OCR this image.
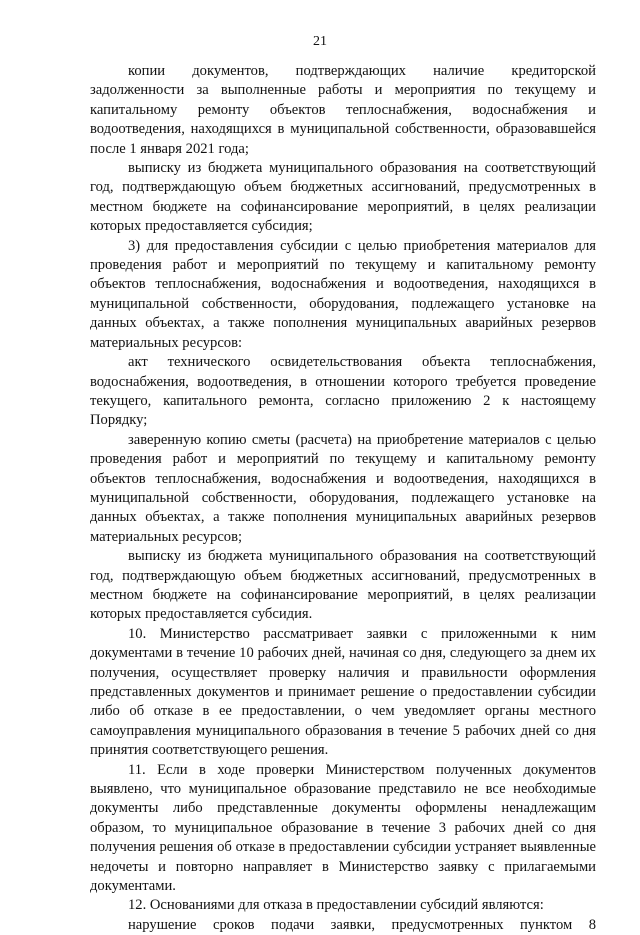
21

копии документов, подтверждающих наличие кредиторской задолженности за выполненные работы и мероприятия по текущему и капитальному ремонту объектов теплоснабжения, водоснабжения и водоотведения, находящихся в муниципальной собственности, образовавшейся после 1 января 2021 года;

выписку из бюджета муниципального образования на соответствующий год, подтверждающую объем бюджетных ассигнований, предусмотренных в местном бюджете на софинансирование мероприятий, в целях реализации которых предоставляется субсидия;

3) для предоставления субсидии с целью приобретения материалов для проведения работ и мероприятий по текущему и капитальному ремонту объектов теплоснабжения, водоснабжения и водоотведения, находящихся в муниципальной собственности, оборудования, подлежащего установке на данных объектах, а также пополнения муниципальных аварийных резервов материальных ресурсов:

акт технического освидетельствования объекта теплоснабжения, водоснабжения, водоотведения, в отношении которого требуется проведение текущего, капитального ремонта, согласно приложению 2 к настоящему Порядку;

заверенную копию сметы (расчета) на приобретение материалов с целью проведения работ и мероприятий по текущему и капитальному ремонту объектов теплоснабжения, водоснабжения и водоотведения, находящихся в муниципальной собственности, оборудования, подлежащего установке на данных объектах, а также пополнения муниципальных аварийных резервов материальных ресурсов;

выписку из бюджета муниципального образования на соответствующий год, подтверждающую объем бюджетных ассигнований, предусмотренных в местном бюджете на софинансирование мероприятий, в целях реализации которых предоставляется субсидия.

10. Министерство рассматривает заявки с приложенными к ним документами в течение 10 рабочих дней, начиная со дня, следующего за днем их получения, осуществляет проверку наличия и правильности оформления представленных документов и принимает решение о предоставлении субсидии либо об отказе в ее предоставлении, о чем уведомляет органы местного самоуправления муниципального образования в течение 5 рабочих дней со дня принятия соответствующего решения.

11. Если в ходе проверки Министерством полученных документов выявлено, что муниципальное образование представило не все необходимые документы либо представленные документы оформлены ненадлежащим образом, то муниципальное образование в течение 3 рабочих дней со дня получения решения об отказе в предоставлении субсидии устраняет выявленные недочеты и повторно направляет в Министерство заявку с прилагаемыми документами.

12. Основаниями для отказа в предоставлении субсидий являются:

нарушение сроков подачи заявки, предусмотренных пунктом 8
